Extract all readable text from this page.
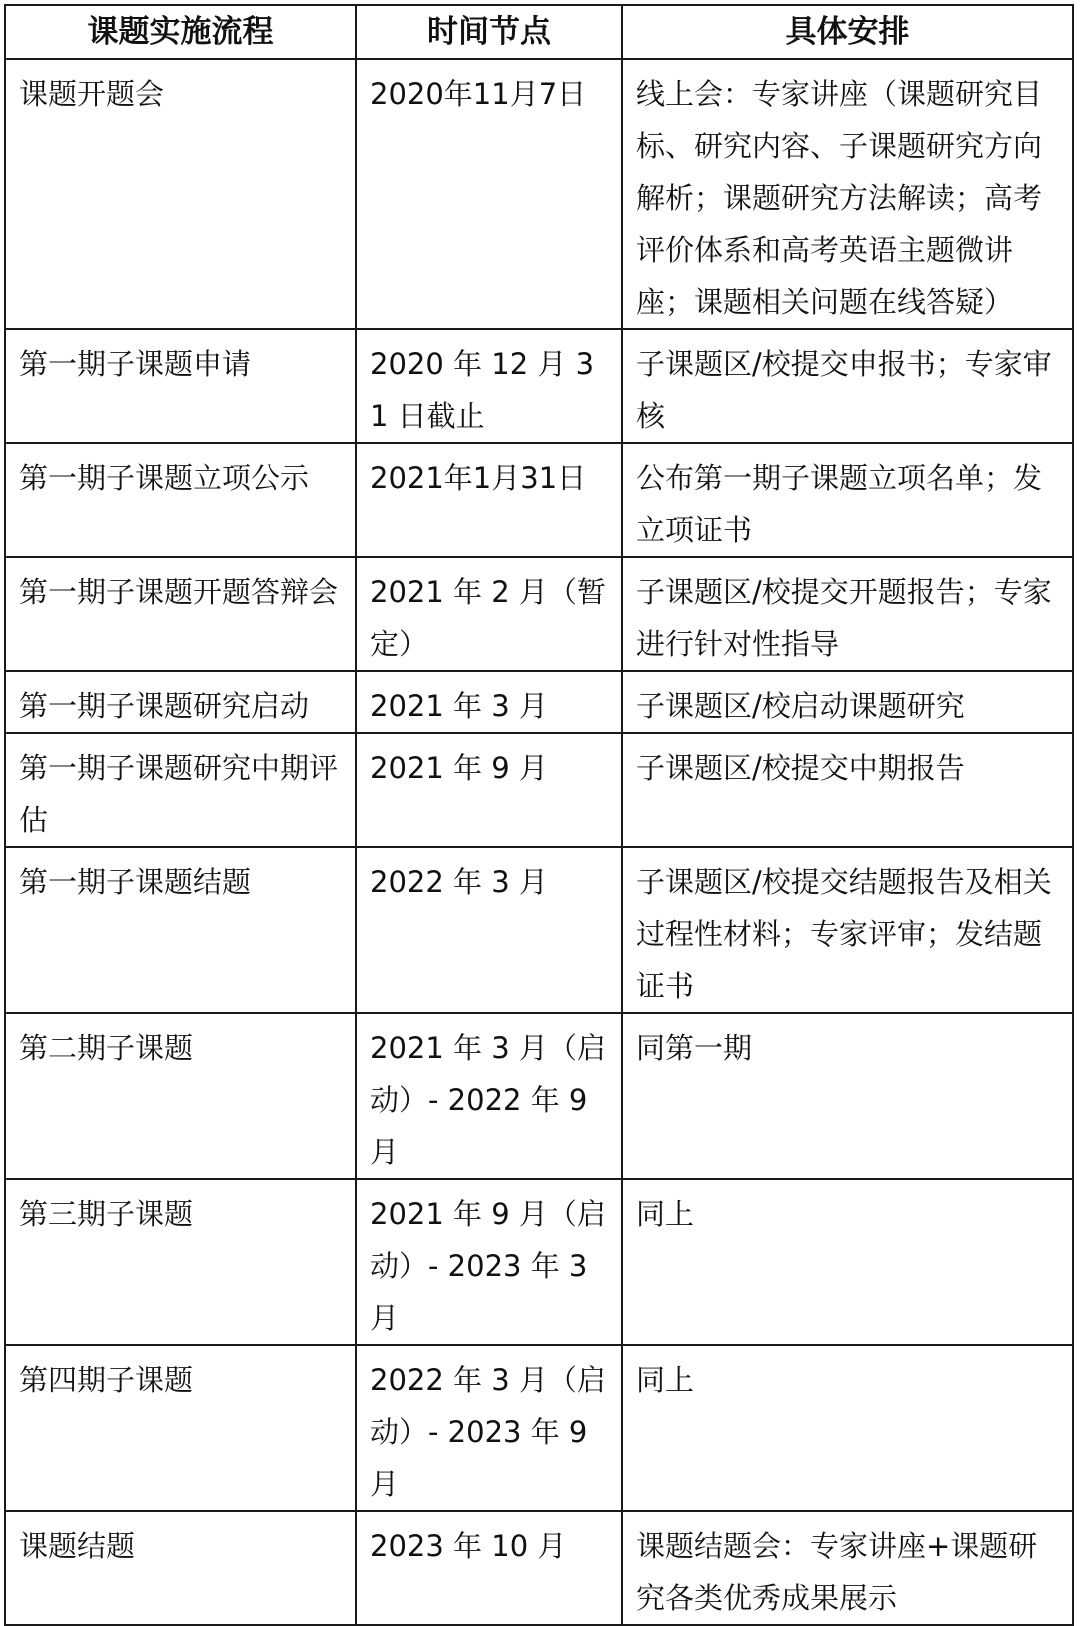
课题实施流程	时间节点	具体安排
课题开题会	2020年11月7日	线上会：专家讲座（课题研究目标、研究内容、子课题研究方向解析；课题研究方法解读；高考评价体系和高考英语主题微讲座；课题相关问题在线答疑）
第一期子课题申请	2020 年 12 月 31 日截止	子课题区/校提交申报书；专家审核
第一期子课题立项公示	2021年1月31日	公布第一期子课题立项名单；发立项证书
第一期子课题开题答辩会	2021 年 2 月（暂定）	子课题区/校提交开题报告；专家进行针对性指导
第一期子课题研究启动	2021 年 3 月	子课题区/校启动课题研究
第一期子课题研究中期评估	2021 年 9 月	子课题区/校提交中期报告
第一期子课题结题	2022 年 3 月	子课题区/校提交结题报告及相关过程性材料；专家评审；发结题证书
第二期子课题	2021 年 3 月（启动）- 2022 年 9 月	同第一期
第三期子课题	2021 年 9 月（启动）- 2023 年 3 月	同上
第四期子课题	2022 年 3 月（启动）- 2023 年 9 月	同上
课题结题	2023 年 10 月	课题结题会：专家讲座+课题研究各类优秀成果展示
